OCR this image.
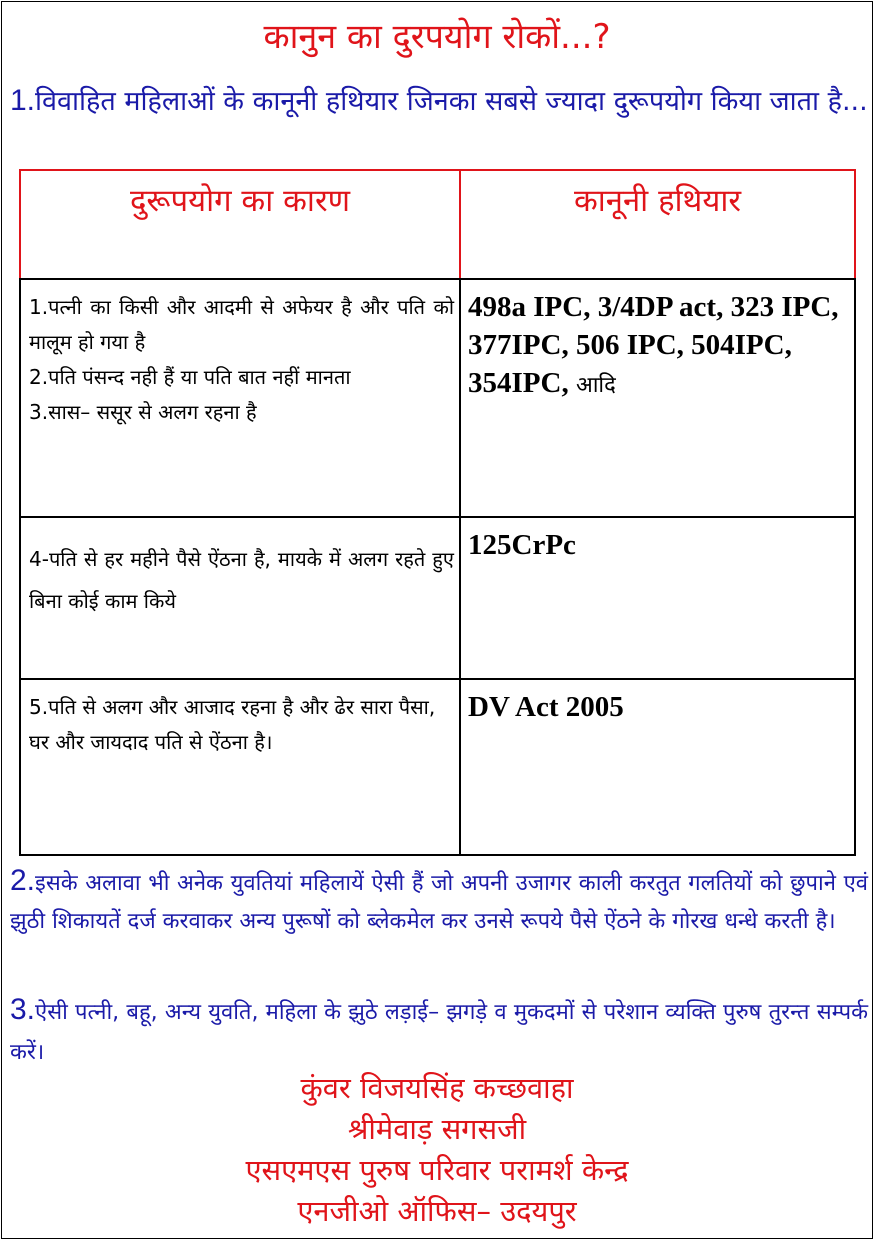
कानुन का दुरपयोग रोकों...?
1.विवाहित महिलाओं के कानूनी हथियार जिनका सबसे ज्यादा दुरूपयोग किया जाता है...
दुरूपयोग का कारण	कानूनी हथियार

1.पत्नी का किसी और आदमी से अफेयर है और पति को मालूम हो गया है
2.पति पंसन्द नही हैं या पति बात नहीं मानता
3.सास– ससूर से अलग रहना है	498a IPC, 3/4DP act, 323 IPC, 377IPC, 506 IPC, 504IPC, 354IPC, आदि

4-पति से हर महीने पैसे ऐंठना है, मायके में अलग रहते हुए बिना कोई काम किये	125CrPc

5.पति से अलग और आजाद रहना है और ढेर सारा पैसा,
घर और जायदाद पति से ऐंठना है।	DV Act 2005
2.इसके अलावा भी अनेक युवतियां महिलायें ऐसी हैं जो अपनी उजागर काली करतुत गलतियों को छुपाने एवं झुठी शिकायतें दर्ज करवाकर अन्य पुरूषों को ब्लेकमेल कर उनसे रूपये पैसे ऐंठने के गोरख धन्धे करती है।
3.ऐसी पत्नी, बहू, अन्य युवति, महिला के झुठे लड़ाई– झगड़े व मुकदमों से परेशान व्यक्ति पुरुष तुरन्त सम्पर्क करें।
कुंवर विजयसिंह कच्छवाहा
श्रीमेवाड़ सगसजी
एसएमएस पुरुष परिवार परामर्श केन्द्र
एनजीओ ऑफिस– उदयपुर
